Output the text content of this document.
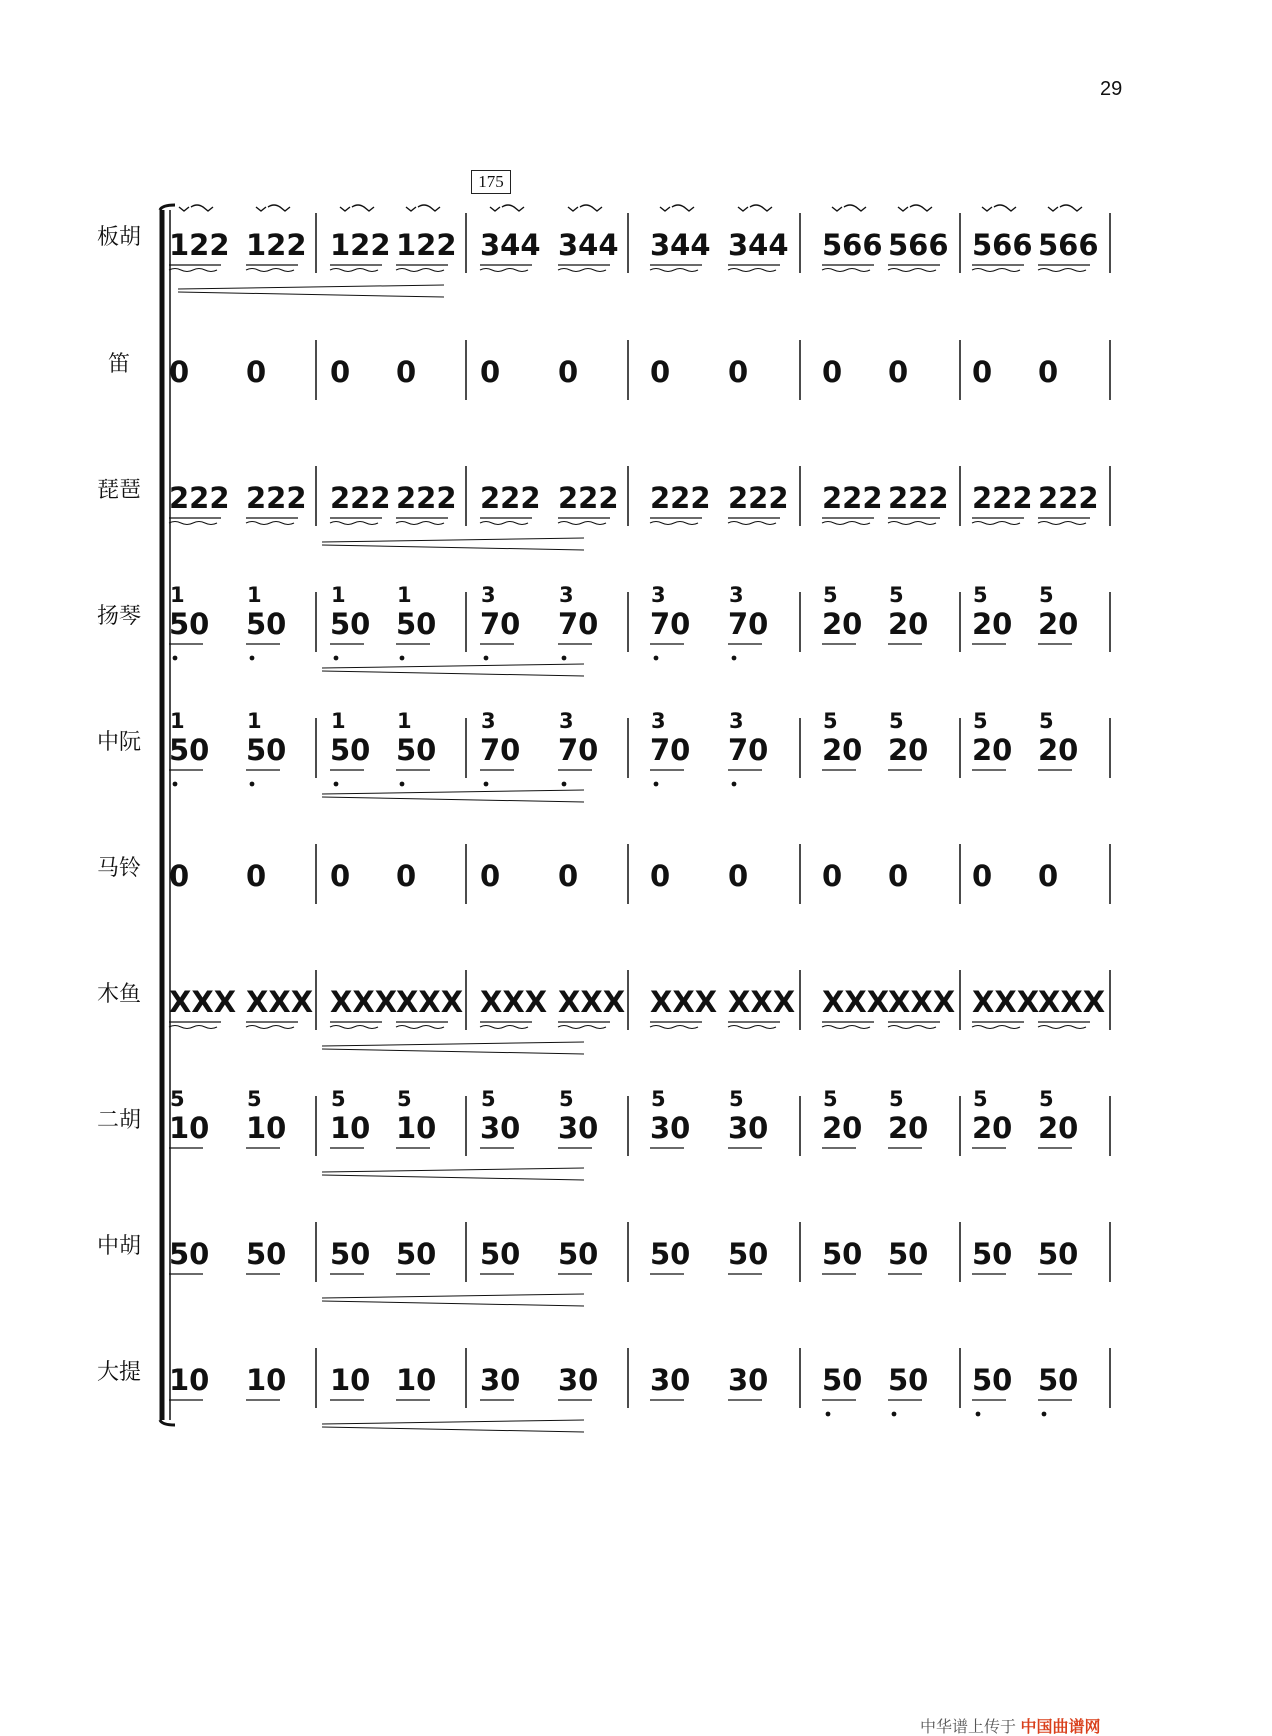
29
175
板胡
笛
琵琶
扬琴
中阮
马铃
木鱼
二胡
中胡
大提
122 122 122 122 344 344 344 344 566 566 566 566
0 0 0 0 0 0 0 0	0 0 0 0
222 222 222 222 222 222 222 222 222 222 222 222
50
1
50
1
50
1
50
1
70
3
70
3
70
3
70
3
20
5
20
5
20
5
20
5
50
1
50
1
50
1
50
1
70
3
70
3
70
3
70
3
20
5
20
5
20
5
20
5
0 0 0 0 0 0 0 0	0 0 0 0
XXX XXX XXX
XXX XXX XXX XXX XXX XXX
XXX XXX
XXX
10
5
10
5
10
5
10
5
30
5
30
5
30
5
30
5
20
5
20
5
20
5
20
5
50 50 50 50 50 50 50 50 50 50 50 50
10 10 10 10 30 30 30 30 50 50 50 50
中华谱上传于 中国曲谱网
